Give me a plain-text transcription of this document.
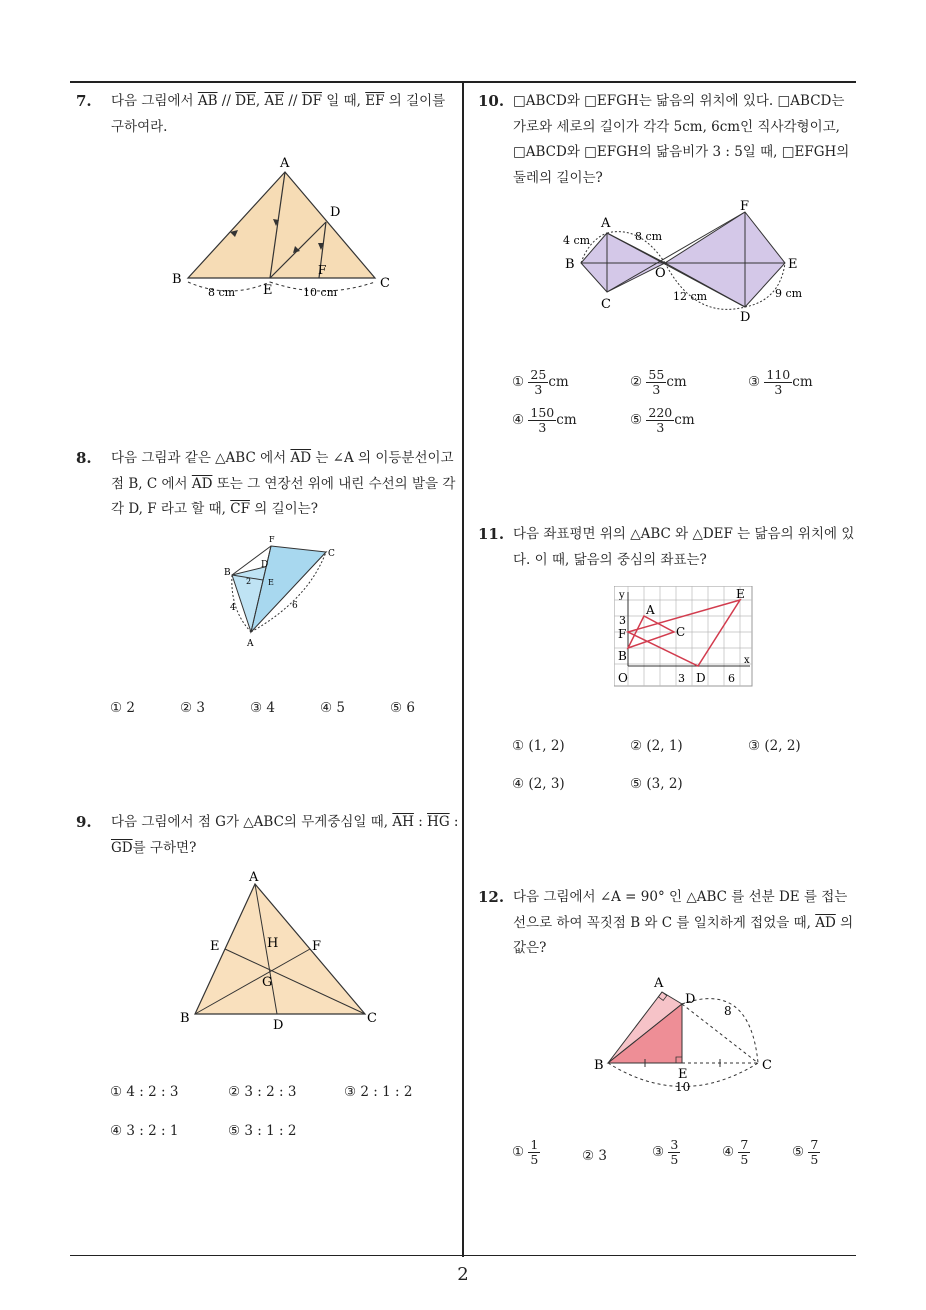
7. 다음 그림에서 $\overline{AB} // \overline{DE}$, $\overline{AE} // \overline{DF}$ 일 때, $\overline{EF}$ 의 길이를 구하여라.
A
B	C
D
E
F
8 cm	10 cm
8. 다음 그림과 같은 △ABC 에서 $\overline{AD}$ 는 ∠A 의 이등분선이고 점 B, C 에서 $\overline{AD}$ 또는 그 연장선 위에 내린 수선의 발을 각각 D, F 라고 할 때, $\overline{CF}$ 의 길이는?
A
B
C
D
E
F
4	6
2
① 2	② 3	③ 4	④ 5	⑤ 6
9. 다음 그림에서 점 G가 △ABC의 무게중심일 때, $\overline{AH}$ : $\overline{HG}$ : $\overline{GD}$를 구하면?
A
B	C
D
E	F
G
H
① 4 : 2 : 3	② 3 : 2 : 3	③ 2 : 1 : 2
④ 3 : 2 : 1	⑤ 3 : 1 : 2
10. □ABCD와 □EFGH는 닮음의 위치에 있다. □ABCD는 가로와 세로의 길이가 각각 5cm, 6cm인 직사각형이고, □ABCD와 □EFGH의 닮음비가 3 : 5일 때, □EFGH의 둘레의 길이는?
A
B
C
D
E
F
O
4 cm	8 cm
12 cm	9 cm
① $\frac{25}{3}$ cm	② $\frac{55}{3}$ cm	③ $\frac{110}{3}$ cm
④ $\frac{150}{3}$ cm	⑤ $\frac{220}{3}$ cm
11. 다음 좌표평면 위의 △ABC 와 △DEF 는 닮음의 위치에 있다. 이 때, 닮음의 중심의 좌표는?
A
B
C
D
E
F
O
x
y
3	6
3
① (1, 2)	② (2, 1)	③ (2, 2)
④ (2, 3)	⑤ (3, 2)
12. 다음 그림에서 ∠A = 90° 인 △ABC 를 선분 DE 를 접는 선으로 하여 꼭짓점 B 와 C 를 일치하게 접었을 때, $\overline{AD}$ 의 값은?
A
B	C
D
E
8
10
① $\frac{1}{5}$	② 3	③ $\frac{3}{5}$	④ $\frac{7}{5}$	⑤ $\frac{7}{5}$
2
